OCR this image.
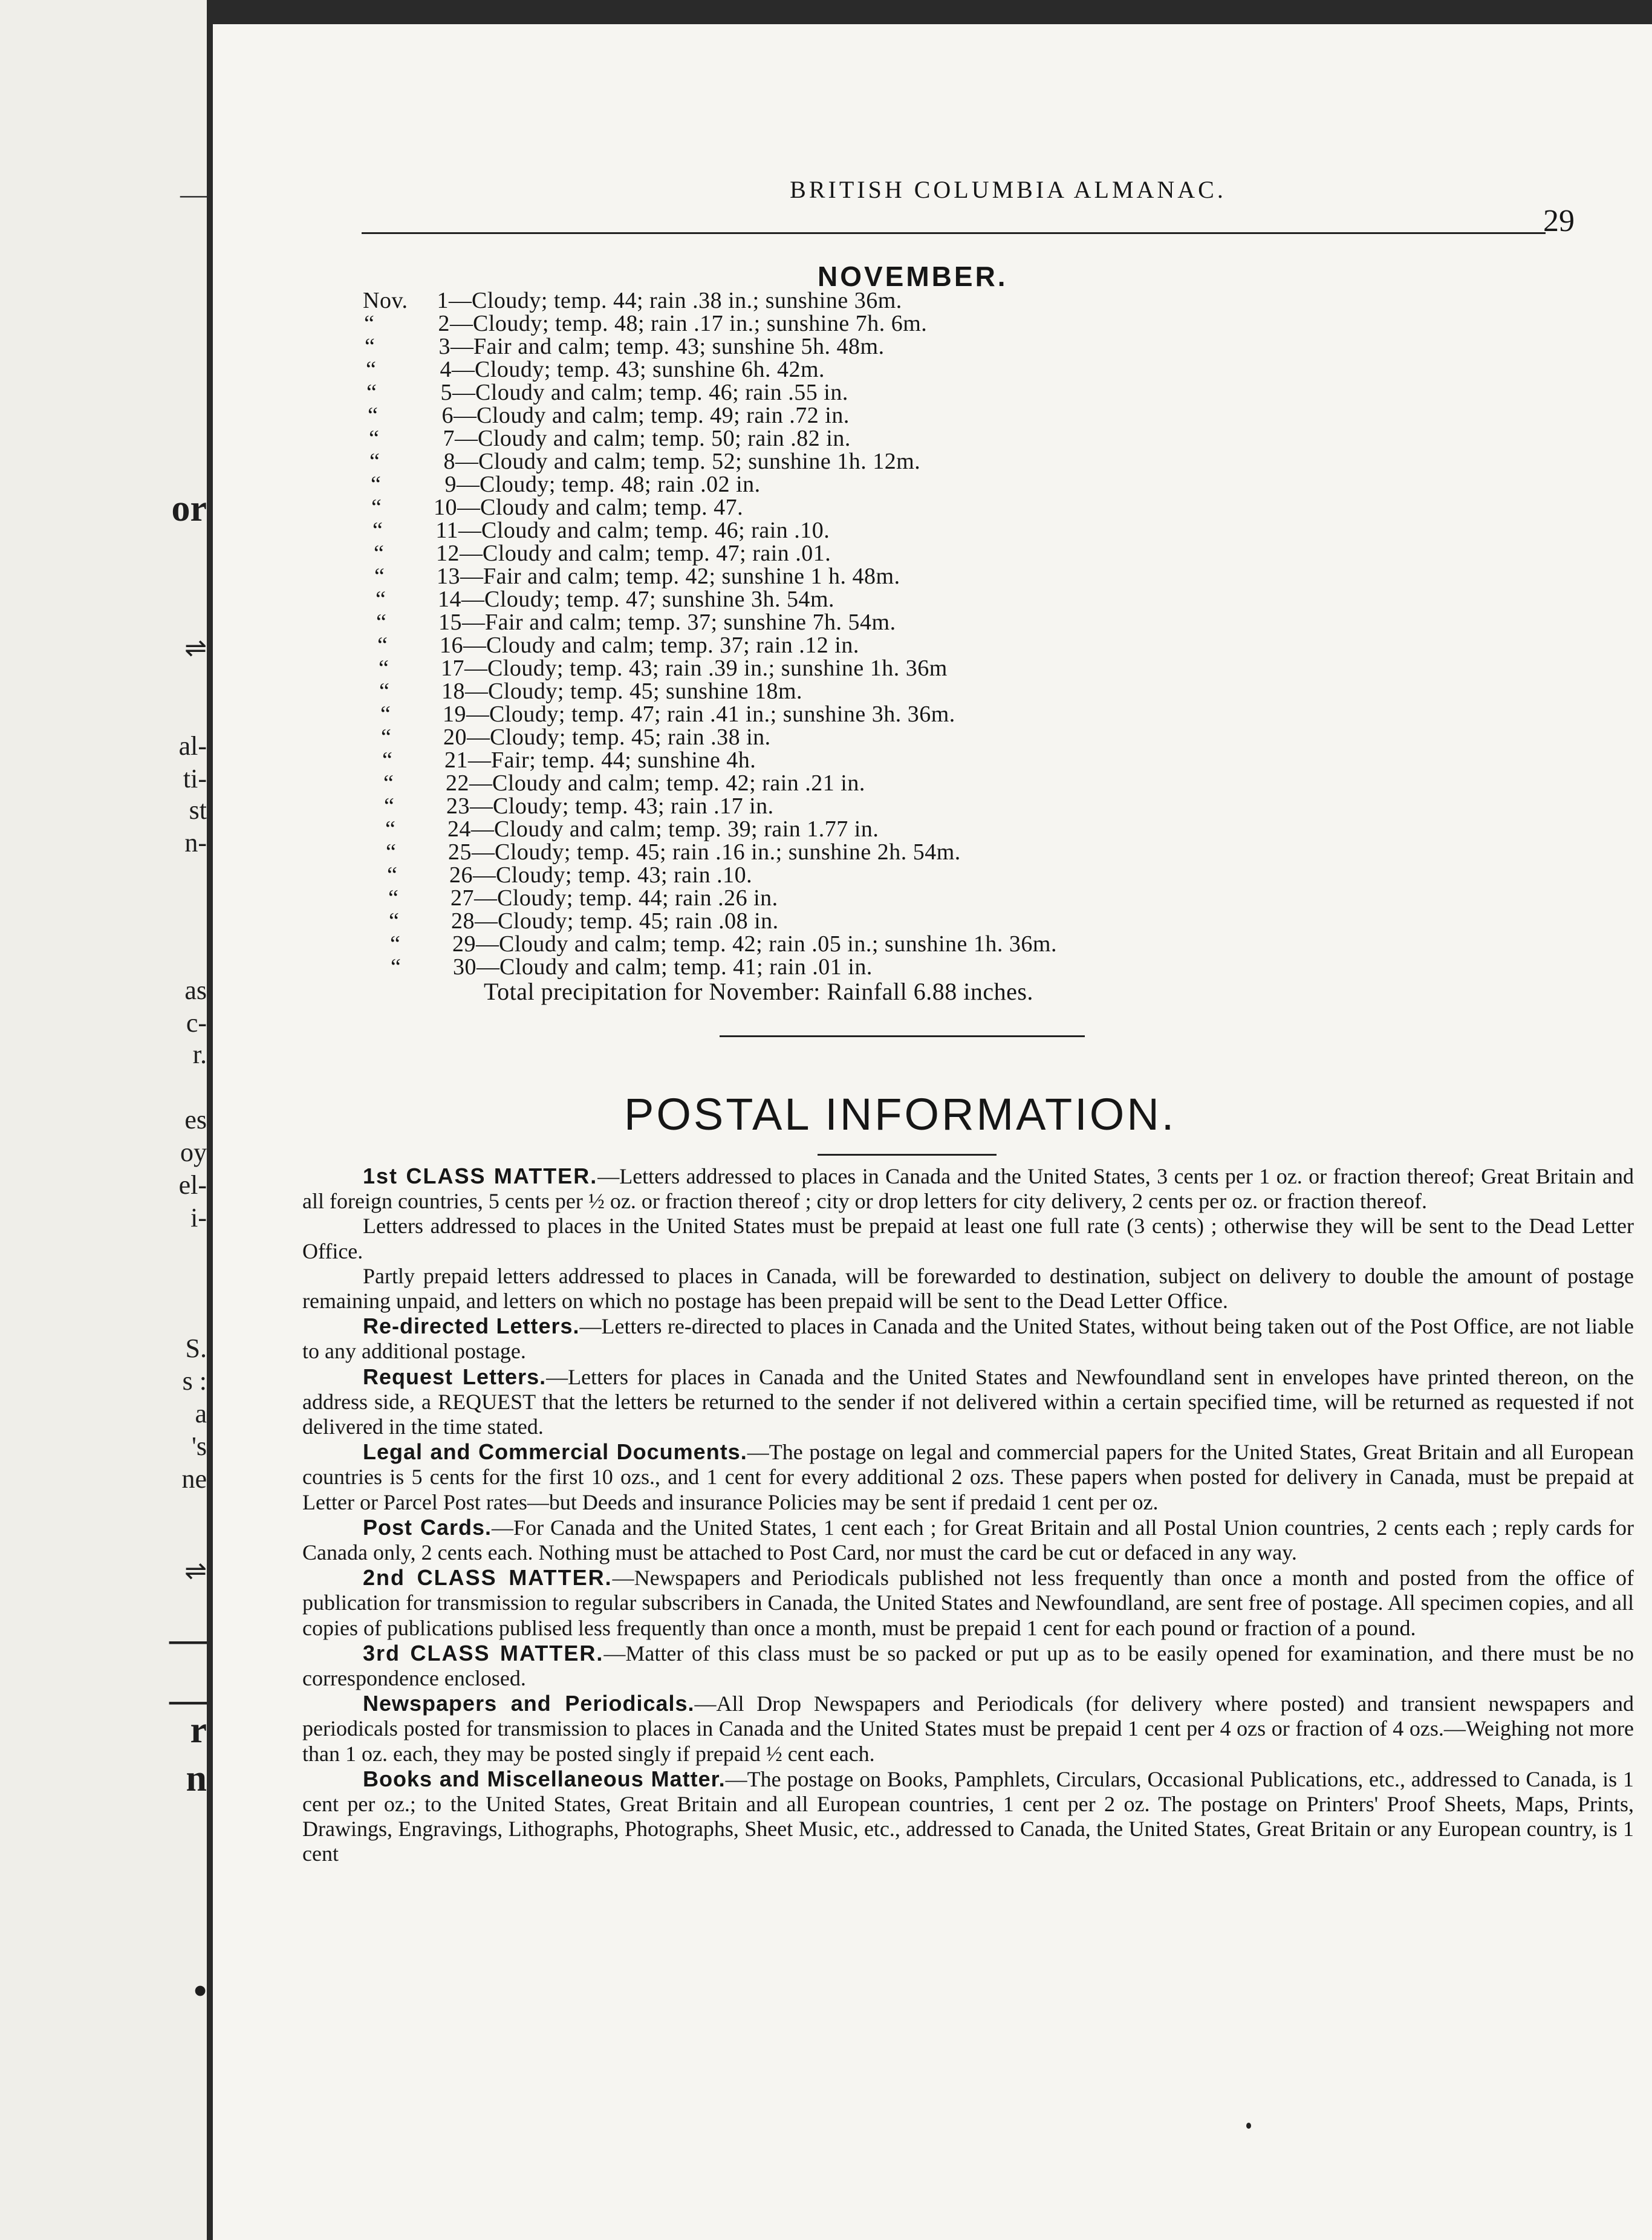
—
or
⇌
al-
ti-
st
n-
as
c-
r.
es
oy
el-
i-
S.
s :
a
's
ne
⇌
—
—
r
n
•
BRITISH COLUMBIA ALMANAC.
29
NOVEMBER.
Nov.	1 — Cloudy; temp. 44; rain .38 in.; sunshine 36m.
“	2 — Cloudy; temp. 48; rain .17 in.; sunshine 7h. 6m.
“	3 — Fair and calm; temp. 43; sunshine 5h. 48m.
“	4 — Cloudy; temp. 43; sunshine 6h. 42m.
“	5 — Cloudy and calm; temp. 46; rain .55 in.
“	6 — Cloudy and calm; temp. 49; rain .72 in.
“	7 — Cloudy and calm; temp. 50; rain .82 in.
“	8 — Cloudy and calm; temp. 52; sunshine 1h. 12m.
“	9 — Cloudy; temp. 48; rain .02 in.
“	10 — Cloudy and calm; temp. 47.
“	11 — Cloudy and calm; temp. 46; rain .10.
“	12 — Cloudy and calm; temp. 47; rain .01.
“	13 — Fair and calm; temp. 42; sunshine 1 h. 48m.
“	14 — Cloudy; temp. 47; sunshine 3h. 54m.
“	15 — Fair and calm; temp. 37; sunshine 7h. 54m.
“	16 — Cloudy and calm; temp. 37; rain .12 in.
“	17 — Cloudy; temp. 43; rain .39 in.; sunshine 1h. 36m
“	18 — Cloudy; temp. 45; sunshine 18m.
“	19 — Cloudy; temp. 47; rain .41 in.; sunshine 3h. 36m.
“	20 — Cloudy; temp. 45; rain .38 in.
“	21 — Fair; temp. 44; sunshine 4h.
“	22 — Cloudy and calm; temp. 42; rain .21 in.
“	23 — Cloudy; temp. 43; rain .17 in.
“	24 — Cloudy and calm; temp. 39; rain 1.77 in.
“	25 — Cloudy; temp. 45; rain .16 in.; sunshine 2h. 54m.
“	26 — Cloudy; temp. 43; rain .10.
“	27 — Cloudy; temp. 44; rain .26 in.
“	28 — Cloudy; temp. 45; rain .08 in.
“	29 — Cloudy and calm; temp. 42; rain .05 in.; sunshine 1h. 36m.
“	30 — Cloudy and calm; temp. 41; rain .01 in.
Total precipitation for November: Rainfall 6.88 inches.
POSTAL INFORMATION.

1st CLASS MATTER.—Letters addressed to places in Canada and the United States, 3 cents per 1 oz. or fraction thereof; Great Britain and all foreign countries, 5 cents per ½ oz. or fraction thereof ; city or drop letters for city delivery, 2 cents per oz. or fraction thereof.

Letters addressed to places in the United States must be prepaid at least one full rate (3 cents) ; otherwise they will be sent to the Dead Letter Office.

Partly prepaid letters addressed to places in Canada, will be forewarded to destination, subject on delivery to double the amount of postage remaining unpaid, and letters on which no postage has been prepaid will be sent to the Dead Letter Office.

Re-directed Letters.—Letters re-directed to places in Canada and the United States, without being taken out of the Post Office, are not liable to any additional postage.

Request Letters.—Letters for places in Canada and the United States and Newfoundland sent in envelopes have printed thereon, on the address side, a REQUEST that the letters be returned to the sender if not delivered within a certain specified time, will be returned as requested if not delivered in the time stated.

Legal and Commercial Documents.—The postage on legal and commercial papers for the United States, Great Britain and all European countries is 5 cents for the first 10 ozs., and 1 cent for every additional 2 ozs. These papers when posted for delivery in Canada, must be prepaid at Letter or Parcel Post rates—but Deeds and insurance Policies may be sent if predaid 1 cent per oz.

Post Cards.—For Canada and the United States, 1 cent each ; for Great Britain and all Postal Union countries, 2 cents each ; reply cards for Canada only, 2 cents each. Nothing must be attached to Post Card, nor must the card be cut or defaced in any way.

2nd CLASS MATTER.—Newspapers and Periodicals published not less frequently than once a month and posted from the office of publication for transmission to regular subscribers in Canada, the United States and Newfoundland, are sent free of postage. All specimen copies, and all copies of publications publised less frequently than once a month, must be prepaid 1 cent for each pound or fraction of a pound.

3rd CLASS MATTER.—Matter of this class must be so packed or put up as to be easily opened for examination, and there must be no correspondence enclosed.

Newspapers and Periodicals.—All Drop Newspapers and Periodicals (for delivery where posted) and transient newspapers and periodicals posted for transmission to places in Canada and the United States must be prepaid 1 cent per 4 ozs or fraction of 4 ozs.—Weighing not more than 1 oz. each, they may be posted singly if prepaid ½ cent each.

Books and Miscellaneous Matter.—The postage on Books, Pamphlets, Circulars, Occasional Publications, etc., addressed to Canada, is 1 cent per oz.; to the United States, Great Britain and all European countries, 1 cent per 2 oz. The postage on Printers' Proof Sheets, Maps, Prints, Drawings, Engravings, Lithographs, Photographs, Sheet Music, etc., addressed to Canada, the United States, Great Britain or any European country, is 1 cent
